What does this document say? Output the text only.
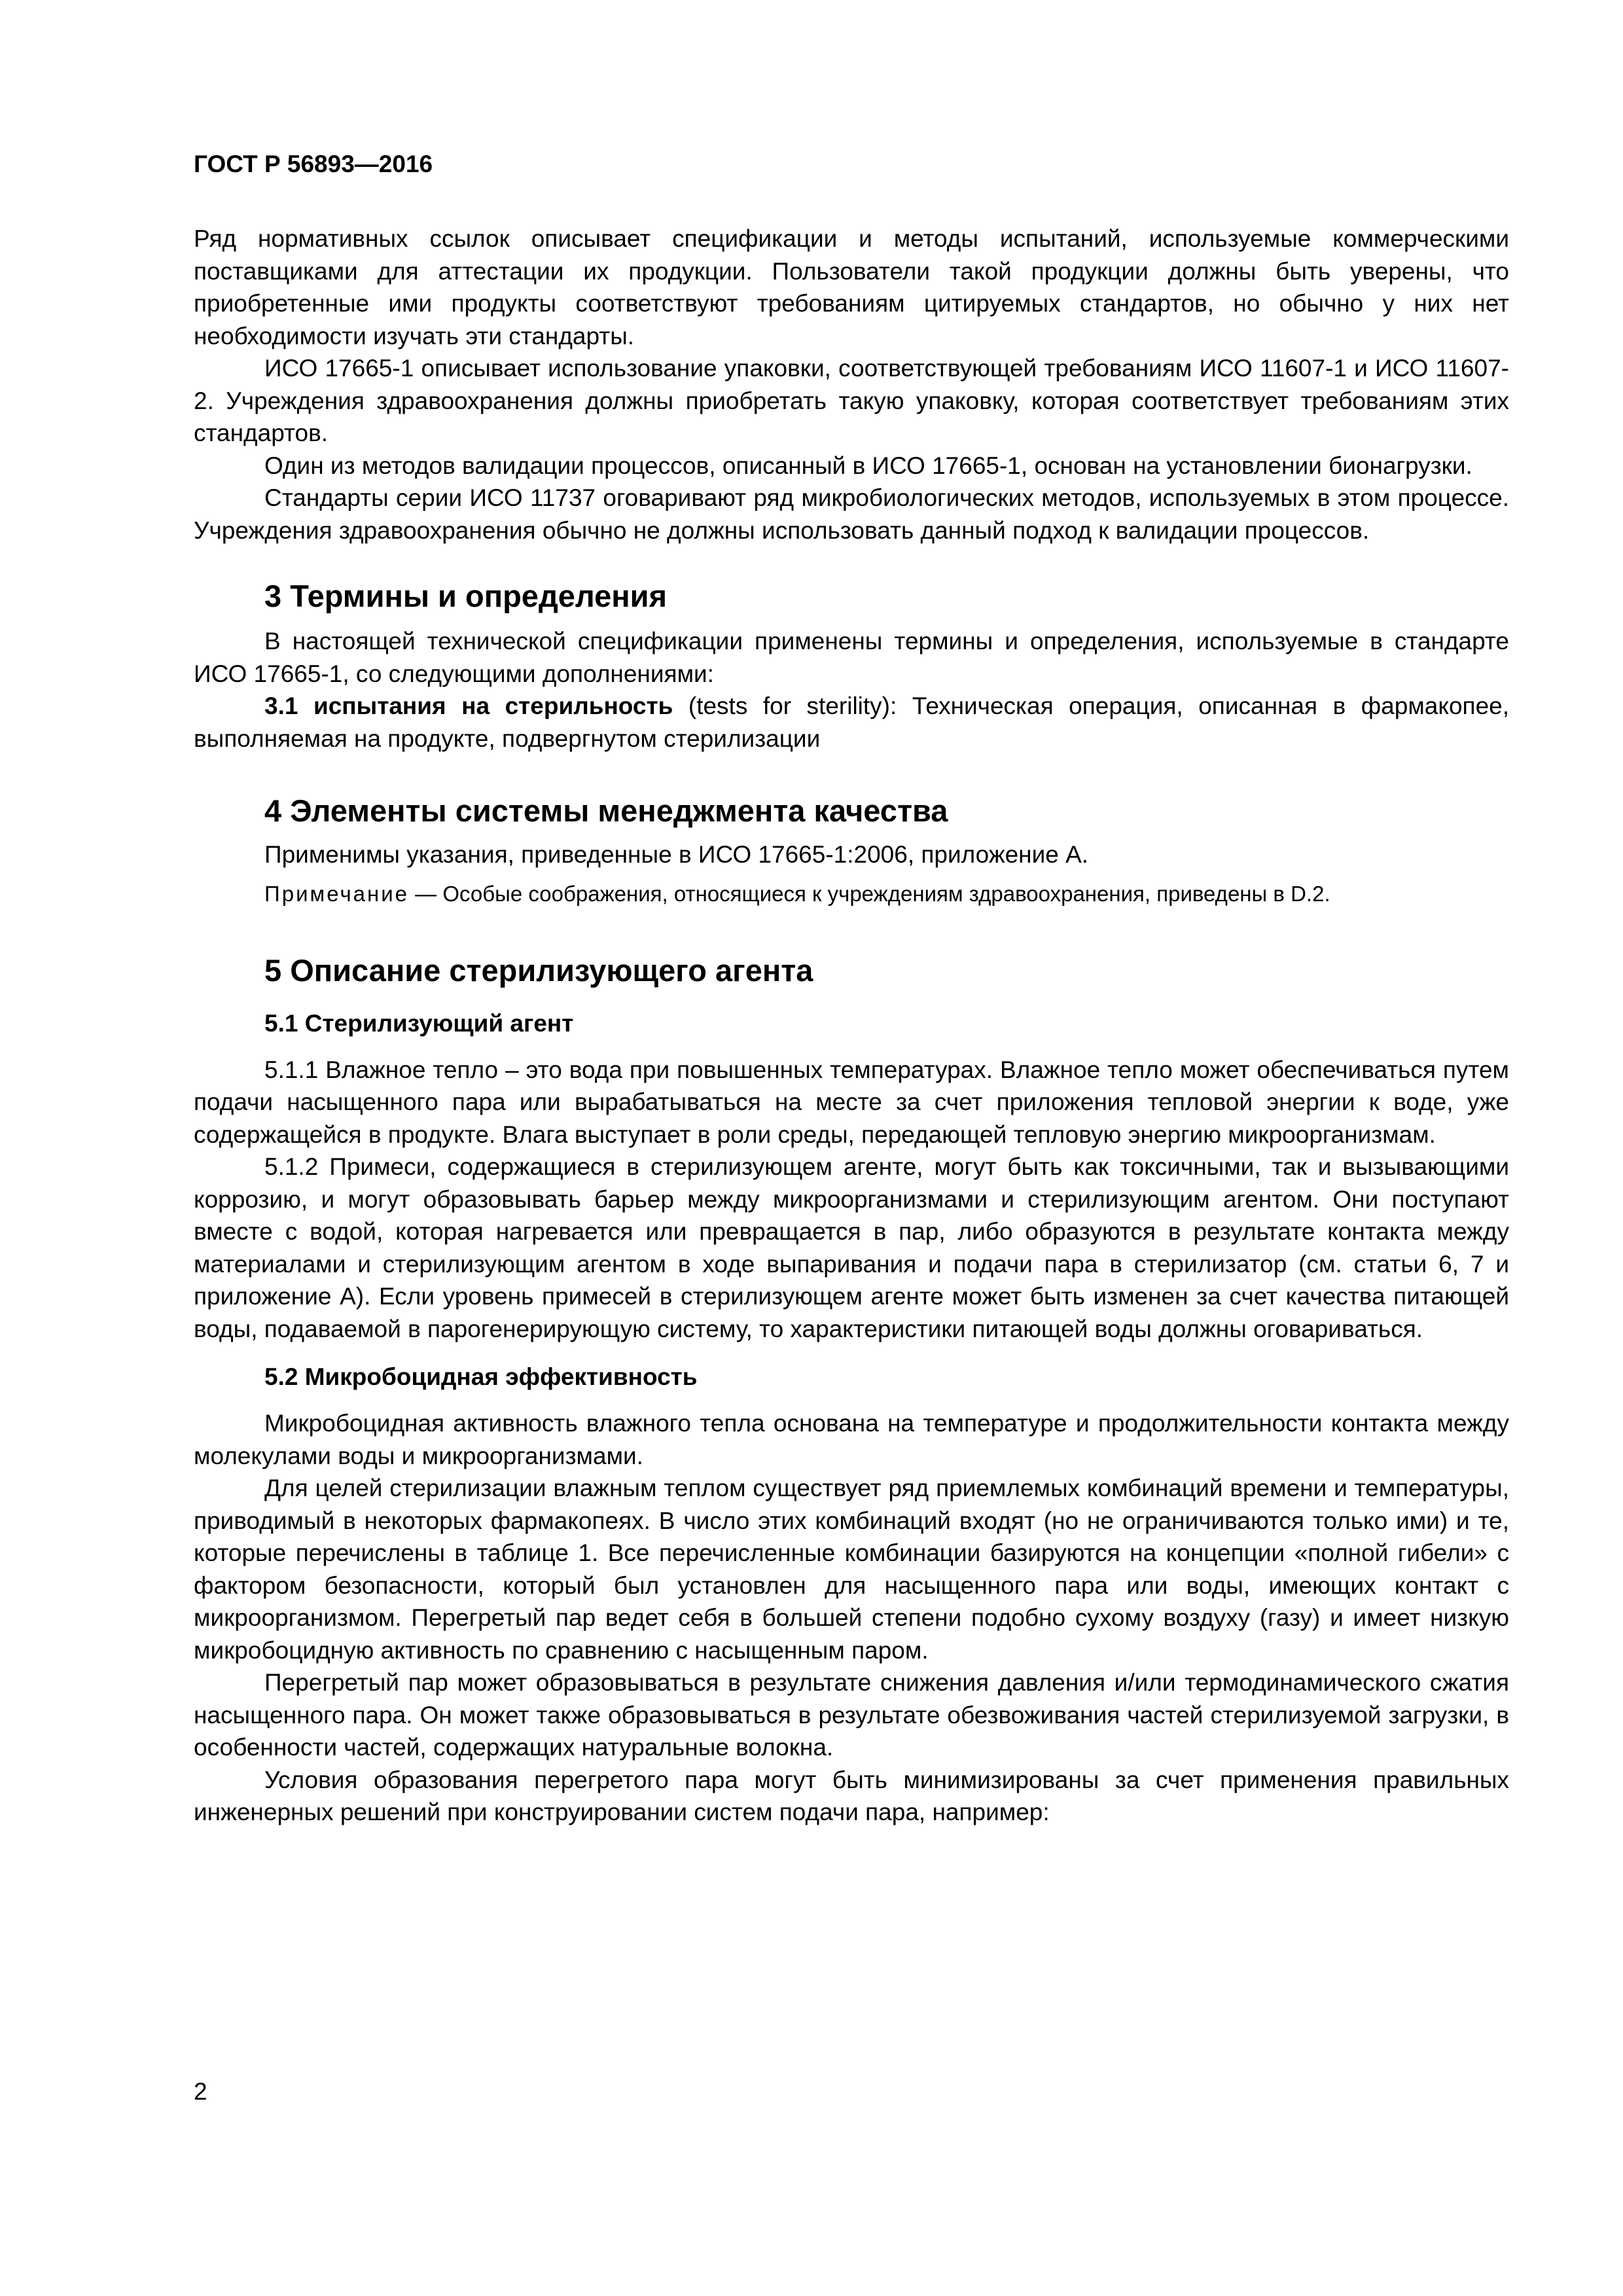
ГОСТ Р 56893—2016

Ряд нормативных ссылок описывает спецификации и методы испытаний, используемые коммерческими поставщиками для аттестации их продукции. Пользователи такой продукции должны быть уверены, что приобретенные ими продукты соответствуют требованиям цитируемых стандартов, но обычно у них нет необходимости изучать эти стандарты.

ИСО 17665-1 описывает использование упаковки, соответствующей требованиям ИСО 11607-1 и ИСО 11607-2. Учреждения здравоохранения должны приобретать такую упаковку, которая соответствует требованиям этих стандартов.

Один из методов валидации процессов, описанный в ИСО 17665-1, основан на установлении бионагрузки.

Стандарты серии ИСО 11737 оговаривают ряд микробиологических методов, используемых в этом процессе. Учреждения здравоохранения обычно не должны использовать данный подход к валидации процессов.

3 Термины и определения

В настоящей технической спецификации применены термины и определения, используемые в стандарте ИСО 17665-1, со следующими дополнениями:

3.1 испытания на стерильность (tests for sterility): Техническая операция, описанная в фармакопее, выполняемая на продукте, подвергнутом стерилизации

4 Элементы системы менеджмента качества

Применимы указания, приведенные в ИСО 17665-1:2006, приложение А.

Примечание — Особые соображения, относящиеся к учреждениям здравоохранения, приведены в D.2.

5 Описание стерилизующего агента
5.1 Стерилизующий агент

5.1.1 Влажное тепло – это вода при повышенных температурах. Влажное тепло может обеспечиваться путем подачи насыщенного пара или вырабатываться на месте за счет приложения тепловой энергии к воде, уже содержащейся в продукте. Влага выступает в роли среды, передающей тепловую энергию микроорганизмам.

5.1.2 Примеси, содержащиеся в стерилизующем агенте, могут быть как токсичными, так и вызывающими коррозию, и могут образовывать барьер между микроорганизмами и стерилизующим агентом. Они поступают вместе с водой, которая нагревается или превращается в пар, либо образуются в результате контакта между материалами и стерилизующим агентом в ходе выпаривания и подачи пара в стерилизатор (см. статьи 6, 7 и приложение А). Если уровень примесей в стерилизующем агенте может быть изменен за счет качества питающей воды, подаваемой в парогенерирующую систему, то характеристики питающей воды должны оговариваться.

5.2 Микробоцидная эффективность

Микробоцидная активность влажного тепла основана на температуре и продолжительности контакта между молекулами воды и микроорганизмами.

Для целей стерилизации влажным теплом существует ряд приемлемых комбинаций времени и температуры, приводимый в некоторых фармакопеях. В число этих комбинаций входят (но не ограничиваются только ими) и те, которые перечислены в таблице 1. Все перечисленные комбинации базируются на концепции «полной гибели» с фактором безопасности, который был установлен для насыщенного пара или воды, имеющих контакт с микроорганизмом. Перегретый пар ведет себя в большей степени подобно сухому воздуху (газу) и имеет низкую микробоцидную активность по сравнению с насыщенным паром.

Перегретый пар может образовываться в результате снижения давления и/или термодинамического сжатия насыщенного пара. Он может также образовываться в результате обезвоживания частей стерилизуемой загрузки, в особенности частей, содержащих натуральные волокна.

Условия образования перегретого пара могут быть минимизированы за счет применения правильных инженерных решений при конструировании систем подачи пара, например:

2
